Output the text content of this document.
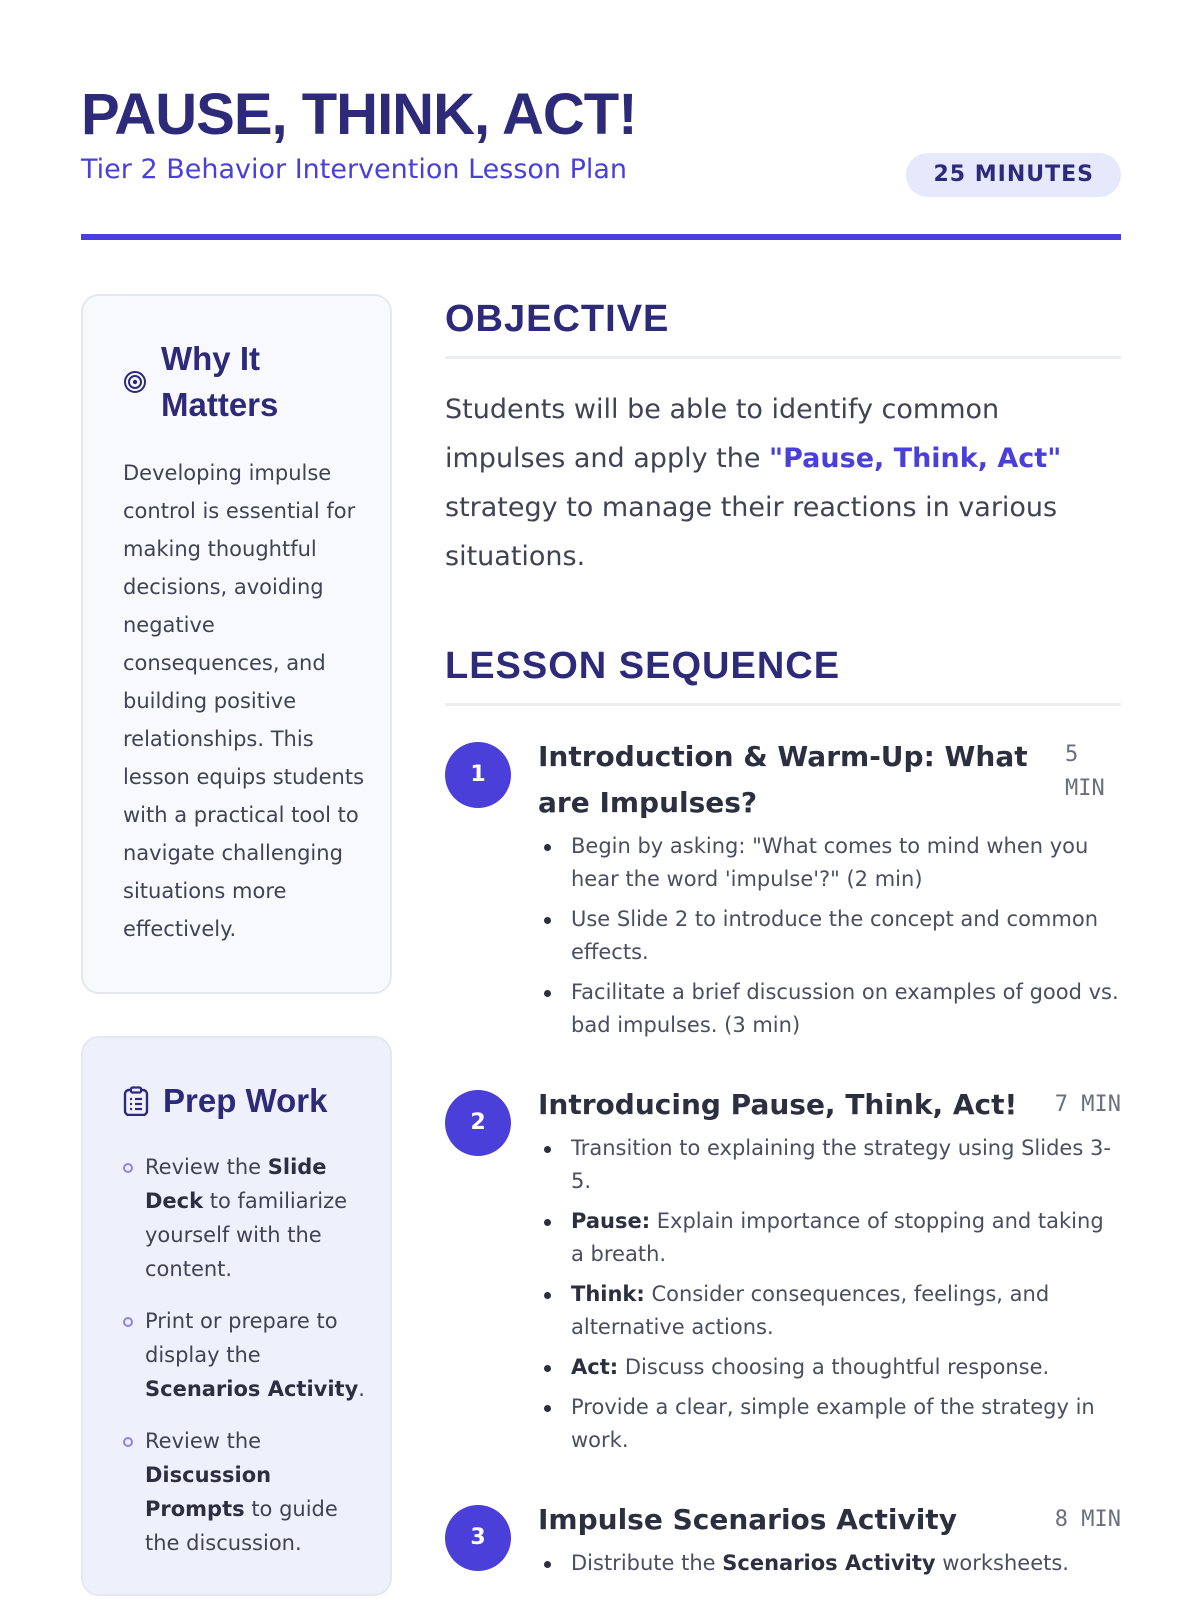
PAUSE, THINK, ACT!
Tier 2 Behavior Intervention Lesson Plan	25 MINUTES
Why It Matters

Developing impulse control is essential for making thoughtful decisions, avoiding negative consequences, and building positive relationships. This lesson equips students with a practical tool to navigate challenging situations more effectively.

Prep Work
Review the Slide Deck to familiarize yourself with the content.
Print or prepare to display the Scenarios Activity.
Review the Discussion Prompts to guide the discussion.
OBJECTIVE

Students will be able to identify common impulses and apply the "Pause, Think, Act" strategy to manage their reactions in various situations.

LESSON SEQUENCE
1
Introduction & Warm-Up: What are Impulses?
5 MIN
Begin by asking: "What comes to mind when you hear the word 'impulse'?" (2 min)
Use Slide 2 to introduce the concept and common effects.
Facilitate a brief discussion on examples of good vs. bad impulses. (3 min)
2
Introducing Pause, Think, Act! 7 MIN
Transition to explaining the strategy using Slides 3-5.
Pause: Explain importance of stopping and taking a breath.
Think: Consider consequences, feelings, and alternative actions.
Act: Discuss choosing a thoughtful response.
Provide a clear, simple example of the strategy in work.
3
Impulse Scenarios Activity	8 MIN
Distribute the Scenarios Activity worksheets.
